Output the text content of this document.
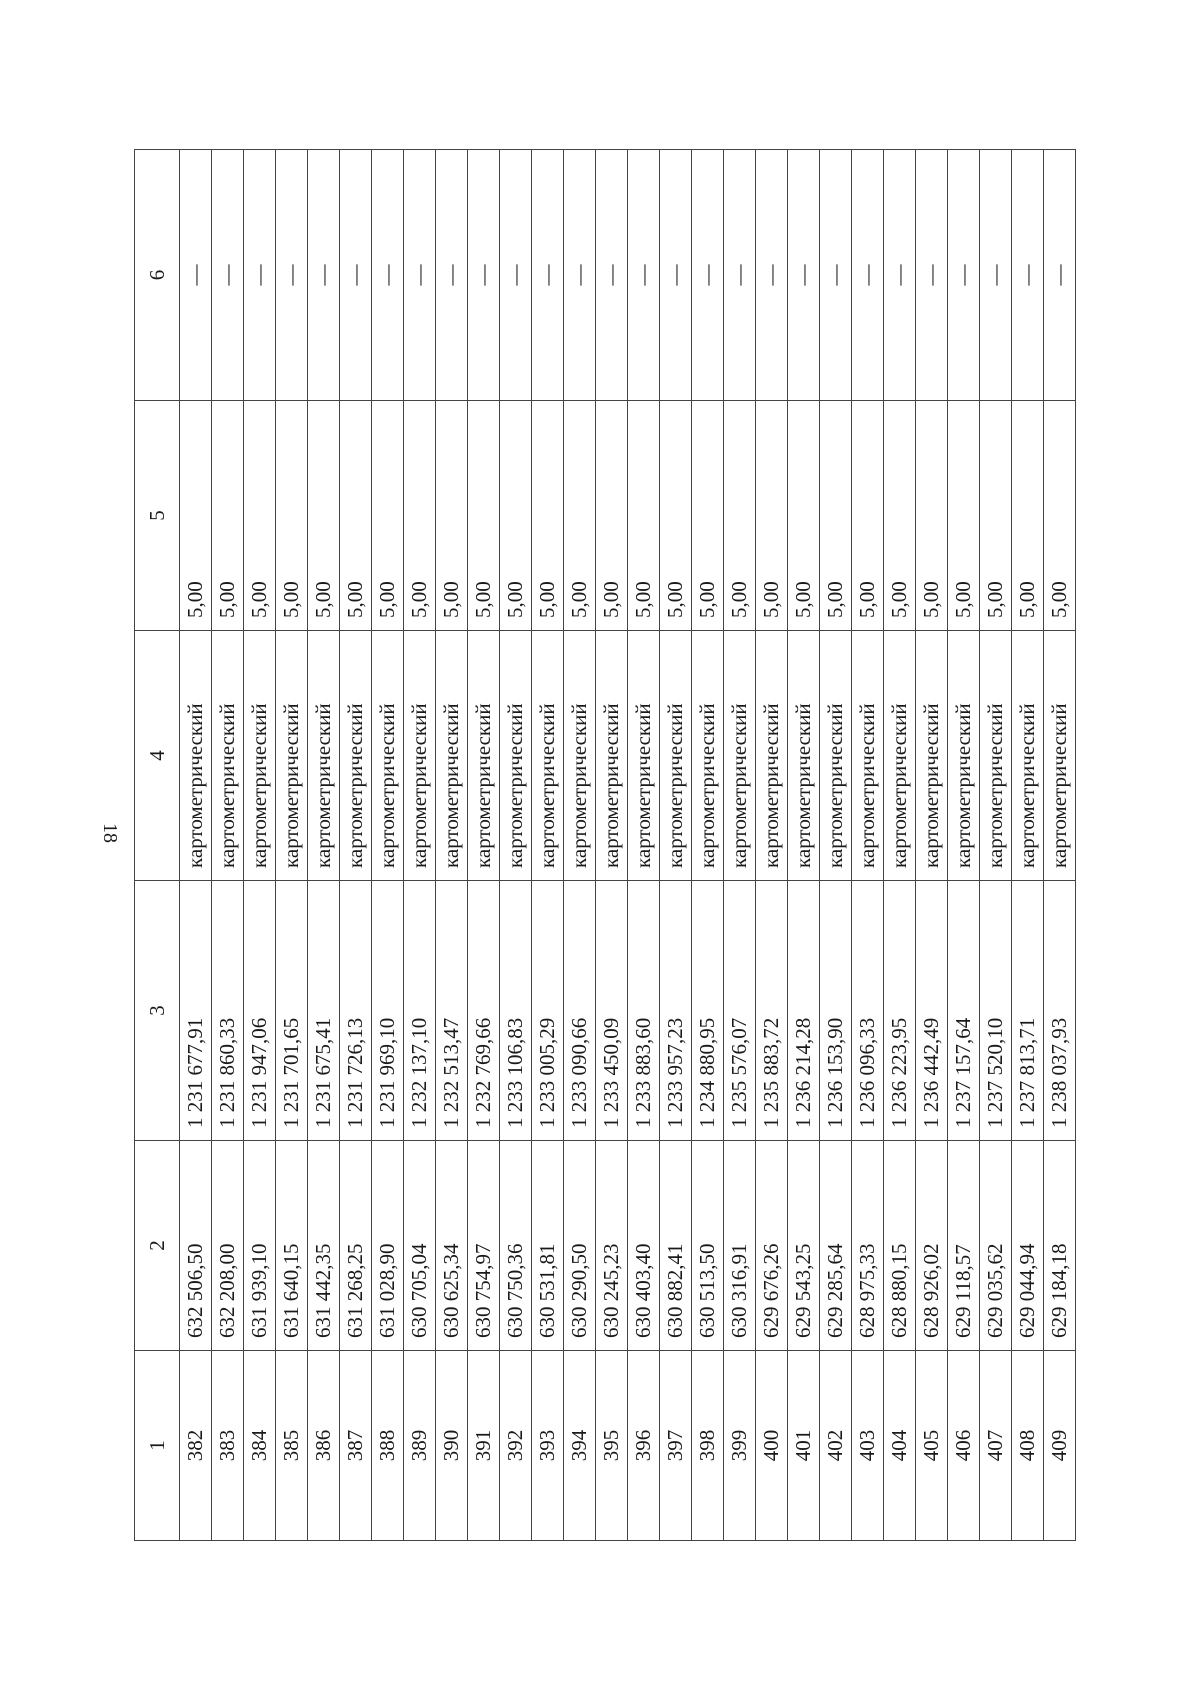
18
1	2	3	4	5	6
382	632 506,50	1 231 677,91	картометрический	5,00	—
383	632 208,00	1 231 860,33	картометрический	5,00	—
384	631 939,10	1 231 947,06	картометрический	5,00	—
385	631 640,15	1 231 701,65	картометрический	5,00	—
386	631 442,35	1 231 675,41	картометрический	5,00	—
387	631 268,25	1 231 726,13	картометрический	5,00	—
388	631 028,90	1 231 969,10	картометрический	5,00	—
389	630 705,04	1 232 137,10	картометрический	5,00	—
390	630 625,34	1 232 513,47	картометрический	5,00	—
391	630 754,97	1 232 769,66	картометрический	5,00	—
392	630 750,36	1 233 106,83	картометрический	5,00	—
393	630 531,81	1 233 005,29	картометрический	5,00	—
394	630 290,50	1 233 090,66	картометрический	5,00	—
395	630 245,23	1 233 450,09	картометрический	5,00	—
396	630 403,40	1 233 883,60	картометрический	5,00	—
397	630 882,41	1 233 957,23	картометрический	5,00	—
398	630 513,50	1 234 880,95	картометрический	5,00	—
399	630 316,91	1 235 576,07	картометрический	5,00	—
400	629 676,26	1 235 883,72	картометрический	5,00	—
401	629 543,25	1 236 214,28	картометрический	5,00	—
402	629 285,64	1 236 153,90	картометрический	5,00	—
403	628 975,33	1 236 096,33	картометрический	5,00	—
404	628 880,15	1 236 223,95	картометрический	5,00	—
405	628 926,02	1 236 442,49	картометрический	5,00	—
406	629 118,57	1 237 157,64	картометрический	5,00	—
407	629 035,62	1 237 520,10	картометрический	5,00	—
408	629 044,94	1 237 813,71	картометрический	5,00	—
409	629 184,18	1 238 037,93	картометрический	5,00	—
